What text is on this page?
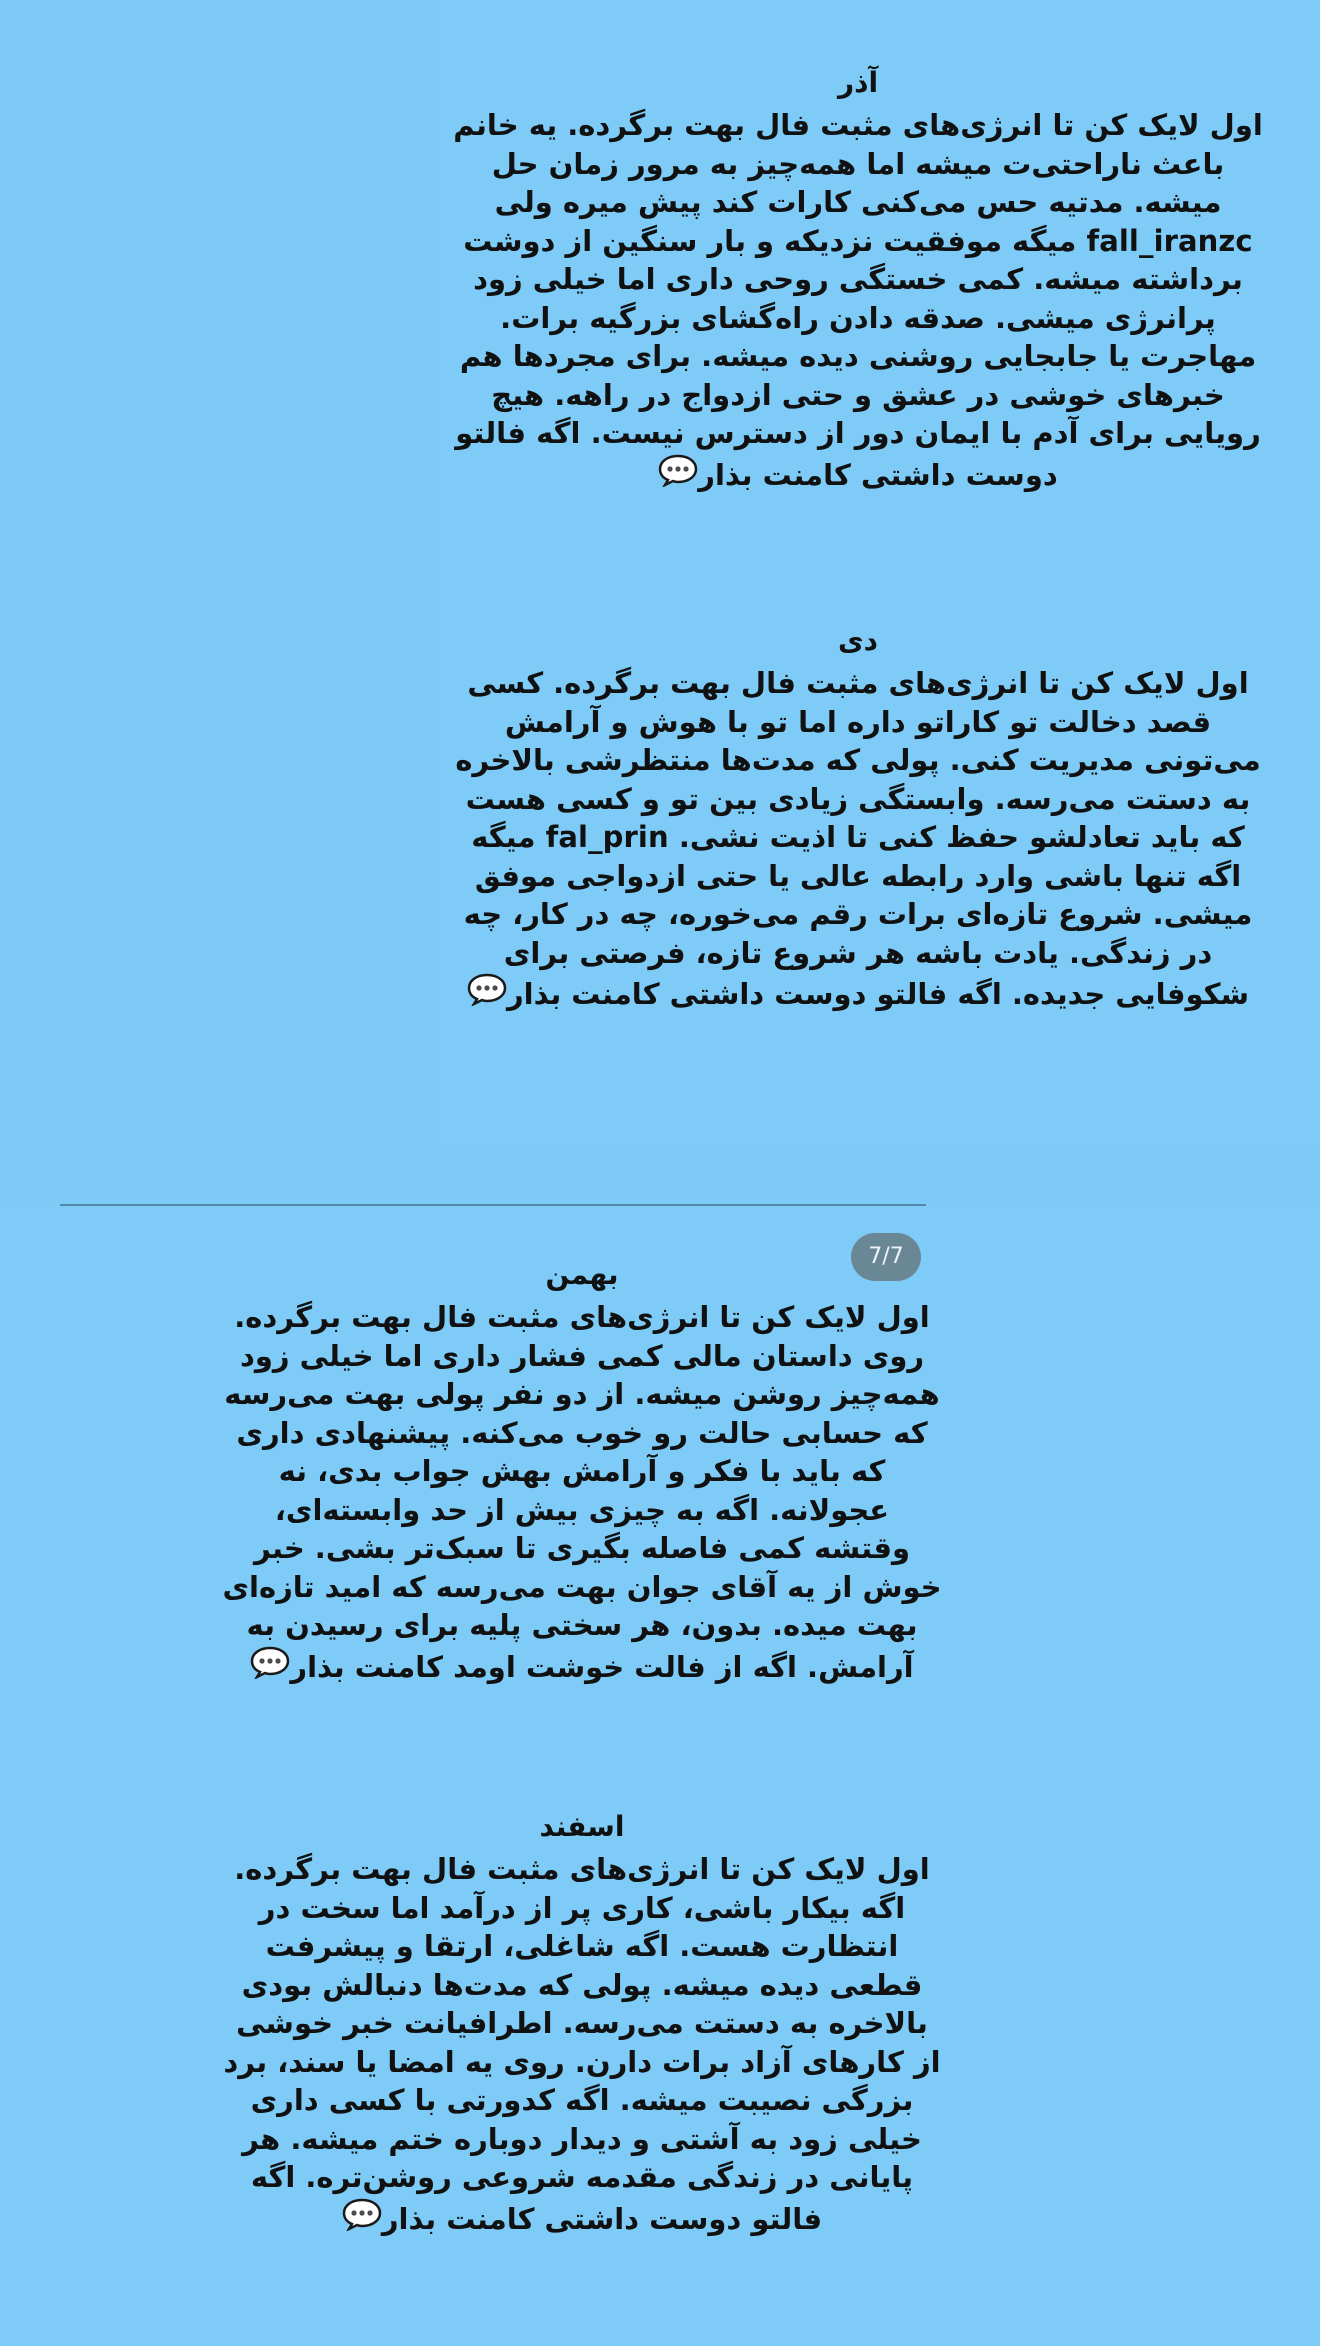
7/7
آذر
اول لایک کن تا انرژی‌های مثبت فال بهت برگرده. یه خانم باعث ناراحتی‌ت میشه اما همه‌چیز به مرور زمان حل میشه. مدتیه حس می‌کنی کارات کند پیش میره ولی fall_iranzc میگه موفقیت نزدیکه و بار سنگین از دوشت برداشته میشه. کمی خستگی روحی داری اما خیلی زود پرانرژی میشی. صدقه دادن راه‌گشای بزرگیه برات. مهاجرت یا جابجایی روشنی دیده میشه. برای مجردها هم خبرهای خوشی در عشق و حتی ازدواج در راهه. هیچ رویایی برای آدم با ایمان دور از دسترس نیست. اگه فالتو دوست داشتی کامنت بذار
دی
اول لایک کن تا انرژی‌های مثبت فال بهت برگرده. کسی قصد دخالت تو کاراتو داره اما تو با هوش و آرامش می‌تونی مدیریت کنی. پولی که مدت‌ها منتظرشی بالاخره به دستت می‌رسه. وابستگی زیادی بین تو و کسی هست که باید تعادلشو حفظ کنی تا اذیت نشی. fal_prin میگه اگه تنها باشی وارد رابطه عالی یا حتی ازدواجی موفق میشی. شروع تازه‌ای برات رقم می‌خوره، چه در کار، چه در زندگی. یادت باشه هر شروع تازه، فرصتی برای شکوفایی جدیده. اگه فالتو دوست داشتی کامنت بذار
بهمن
اول لایک کن تا انرژی‌های مثبت فال بهت برگرده. روی داستان مالی کمی فشار داری اما خیلی زود همه‌چیز روشن میشه. از دو نفر پولی بهت می‌رسه که حسابی حالت رو خوب می‌کنه. پیشنهادی داری که باید با فکر و آرامش بهش جواب بدی، نه عجولانه. اگه به چیزی بیش از حد وابسته‌ای، وقتشه کمی فاصله بگیری تا سبک‌تر بشی. خبر خوش از یه آقای جوان بهت می‌رسه که امید تازه‌ای بهت میده. بدون، هر سختی پلیه برای رسیدن به آرامش. اگه از فالت خوشت اومد کامنت بذار
اسفند
اول لایک کن تا انرژی‌های مثبت فال بهت برگرده. اگه بیکار باشی، کاری پر از درآمد اما سخت در انتظارت هست. اگه شاغلی، ارتقا و پیشرفت قطعی دیده میشه. پولی که مدت‌ها دنبالش بودی بالاخره به دستت می‌رسه. اطرافیانت خبر خوشی از کارهای آزاد برات دارن. روی یه امضا یا سند، برد بزرگی نصیبت میشه. اگه کدورتی با کسی داری خیلی زود به آشتی و دیدار دوباره ختم میشه. هر پایانی در زندگی مقدمه شروعی روشن‌تره. اگه فالتو دوست داشتی کامنت بذار
